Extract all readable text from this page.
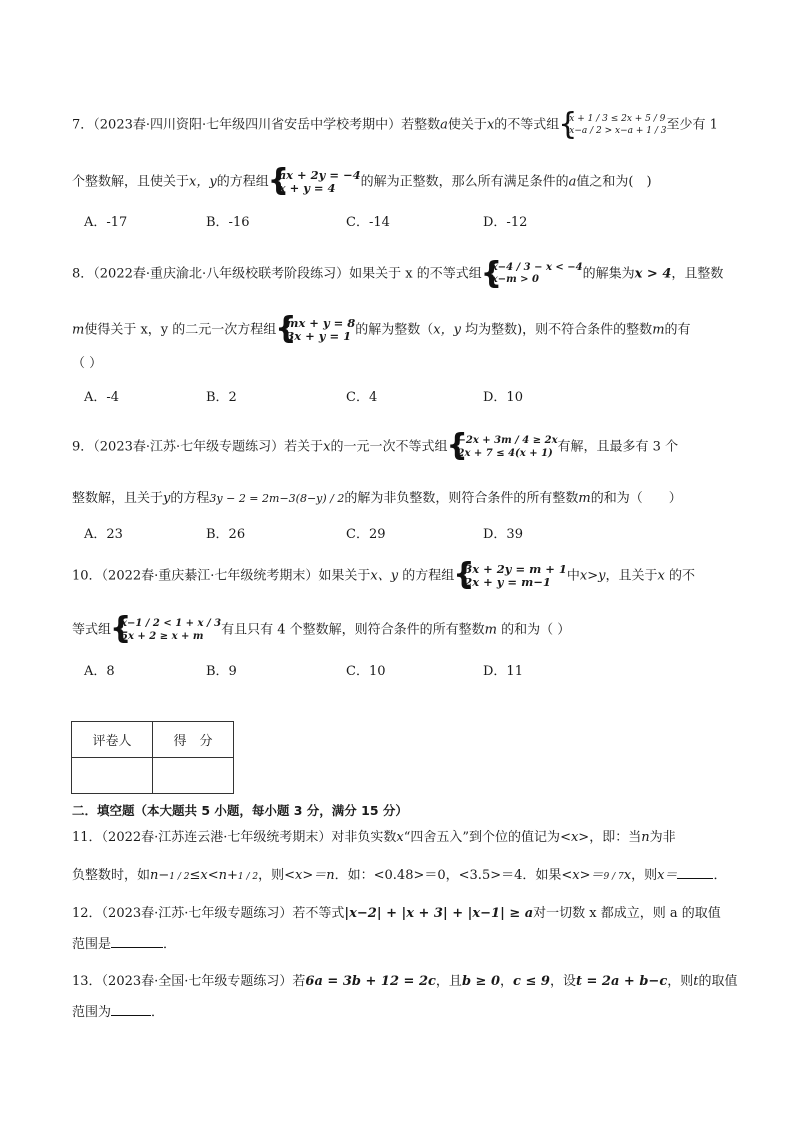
7．（2023春·四川资阳·七年级四川省安岳中学校考期中）若整数a使关于x的不等式组 { x + 1 / 3 ≤ 2x + 5 / 9
x−a / 2 > x−a + 1 / 3 至少有 1
个整数解，且使关于x，y的方程组 { ax + 2y = −4
x + y = 4	的解为正整数，那么所有满足条件的a值之和为(　)
A．-17	B．-16	C．-14	D．-12
8．（2022春·重庆渝北·八年级校联考阶段练习）如果关于 x 的不等式组 { x−4 / 3 − x < −4
x−m > 0	的解集为x > 4，且整数
m使得关于 x，y 的二元一次方程组 { mx + y = 8
3x + y = 1 的解为整数（x，y 均为整数)，则不符合条件的整数m的有
（ ）
A．-4	B．2	C．4	D．10
9．（2023春·江苏·七年级专题练习）若关于x的一元一次不等式组 { −2x + 3m / 4 ≥ 2x
2x + 7 ≤ 4(x + 1) 有解，且最多有 3 个
整数解，且关于y的方程3y − 2 = 2m−3(8−y) / 2的解为非负整数，则符合条件的所有整数m的和为（　　）
A．23	B．26	C．29	D．39
10．（2022春·重庆綦江·七年级统考期末）如果关于x、y 的方程组 { 3x + 2y = m + 1
2x + y = m−1	中x>y，且关于x 的不
等式组 { x−1 / 2 < 1 + x / 3
5x + 2 ≥ x + m	有且只有 4 个整数解，则符合条件的所有整数m 的和为（ ）
A．8	B．9	C．10	D．11
评卷人	得　分

二．填空题（本大题共 5 小题，每小题 3 分，满分 15 分）
11．（2022春·江苏连云港·七年级统考期末）对非负实数x“四舍五入”到个位的值记为<x>，即：当n为非
负整数时，如n−1 / 2≤x<n+1 / 2，则<x>＝n．如：<0.48>＝0，<3.5>＝4．如果<x>＝9 / 7x，则x＝	．
12．（2023春·江苏·七年级专题练习）若不等式|x−2| + |x + 3| + |x−1| ≥ a对一切数 x 都成立，则 a 的取值
范围是	．
13．（2023春·全国·七年级专题练习）若6a = 3b + 12 = 2c，且b ≥ 0，c ≤ 9，设t = 2a + b−c，则t的取值
范围为	．
